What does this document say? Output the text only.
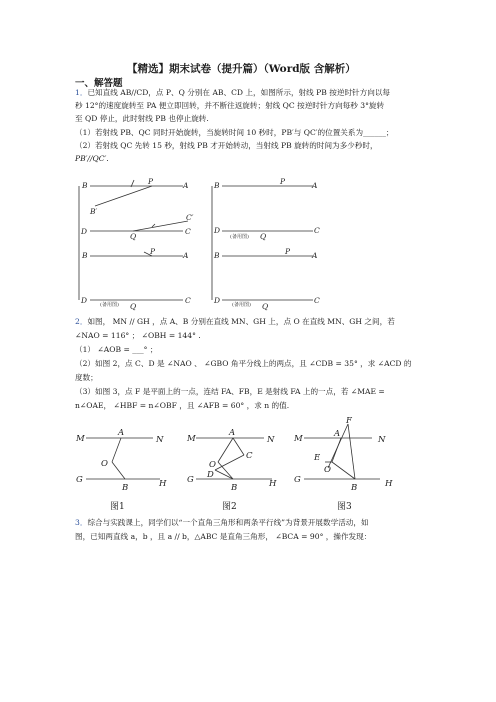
【精选】期末试卷（提升篇）（Word版 含解析）
一、解答题
1．已知直线 AB//CD，点 P、Q 分别在 AB、CD 上，如图所示，射线 PB 按逆时针方向以每
秒 12°的速度旋转至 PA 便立即回转，并不断往返旋转；射线 QC 按逆时针方向每秒 3°旋转
至 QD 停止，此时射线 PB 也停止旋转.
（1）若射线 PB、QC 同时开始旋转，当旋转时间 10 秒时，PB′与 QC′的位置关系为______；
（2）若射线 QC 先转 15 秒，射线 PB 才开始转动，当射线 PB 旋转的时间为多少秒时，
PB′//QC′.
B	P	A
B′
C′
D
Q
C
B	P	A
D
Q
C
B	P	A
D
Q
C
B	P	A
D
Q
C
(备用图)
(备用图)	(备用图)
2．如图， MN // GH ，点 A、B 分别在直线 MN、GH 上，点 O 在直线 MN、GH 之间，若
∠NAO = 116° ； ∠OBH = 144° .
（1） ∠AOB = ___° ；
（2）如图 2，点 C、D 是 ∠NAO 、 ∠GBO 角平分线上的两点，且 ∠CDB = 35° ，求 ∠ACD 的
度数；
（3）如图 3，点 F 是平面上的一点，连结 FA、FB，E 是射线 FA 上的一点，若 ∠MAE =
n∠OAE， ∠HBF = n∠OBF ，且 ∠AFB = 60° ，求 n 的值.
M
A
N
O
G
B	H
M
A
N
C
O
D
G
B	H
F
M	A
N
E
O
G
B	H
图1	图2	图3
3．综合与实践课上，同学们以“一个直角三角形和两条平行线”为背景开展数学活动，如
图，已知两直线 a，b ，且 a // b，△ABC 是直角三角形， ∠BCA = 90° ，操作发现：
